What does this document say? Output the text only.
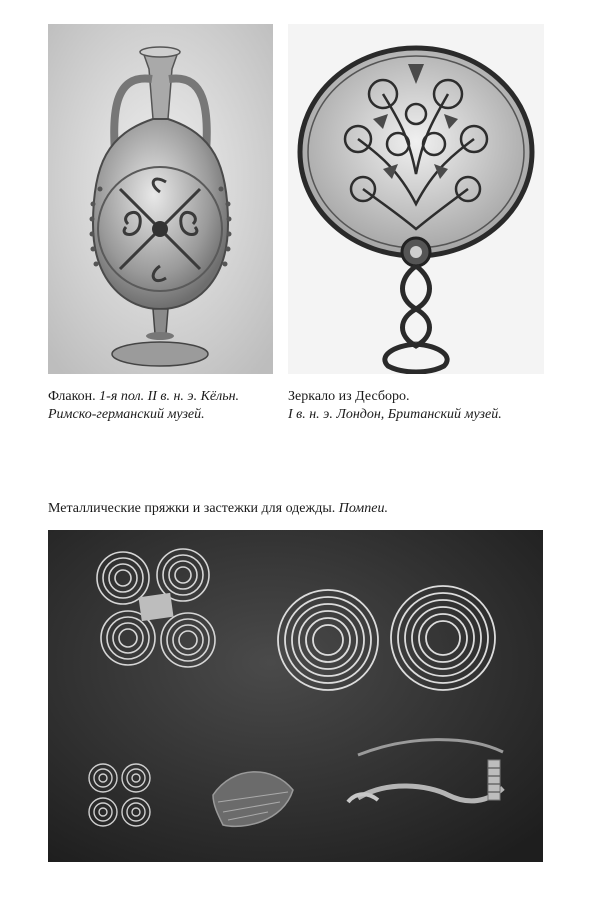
Флакон. 1-я пол. II в. н. э. Кёльн.
Римско-германский музей.
Зеркало из Десборо.
I в. н. э. Лондон, Британский музей.
Металлические пряжки и застежки для одежды. Помпеи.
